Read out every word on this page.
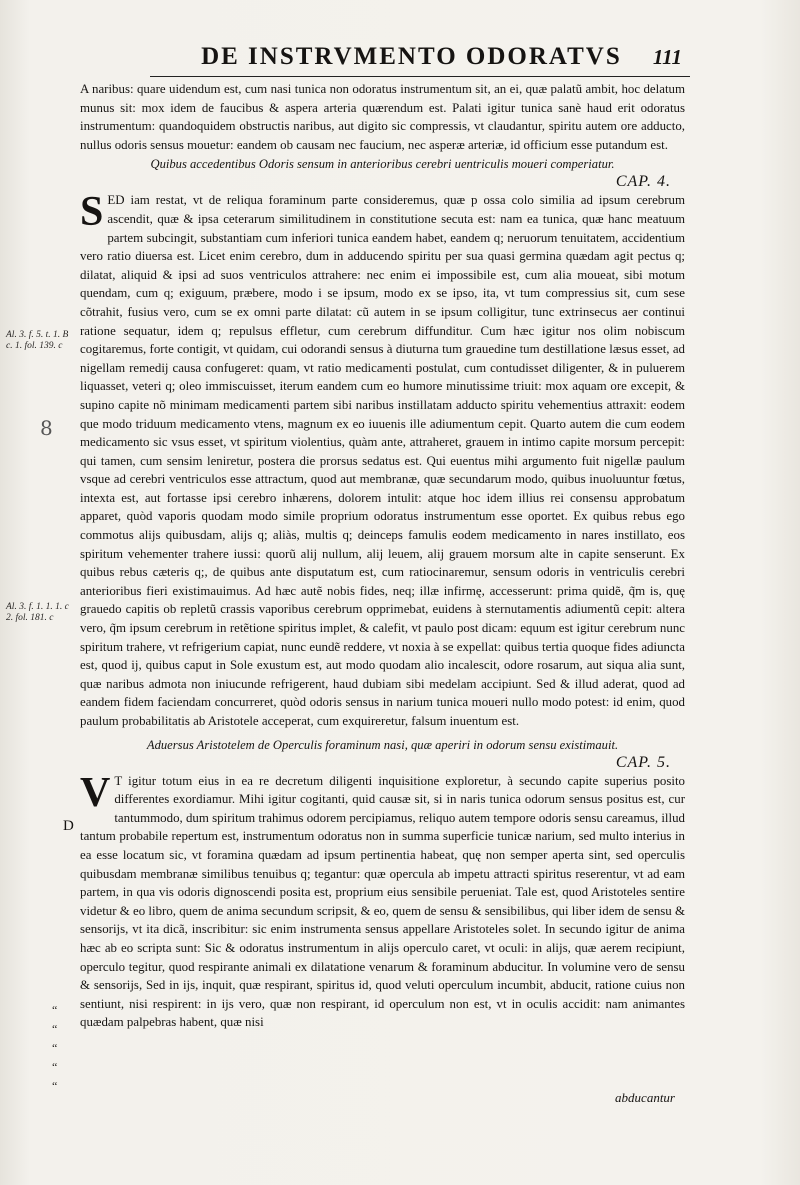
DE INSTRVMENTO ODORATVS 111
Al. 3. f. 5. t. 1. B c. 1. fol. 139. c
Al. 3. f. 1. 1. 1. c 2. fol. 181. c
D
8
“
“
“
“
“

A naribus: quare uidendum est, cum nasi tunica non odoratus instrumentum sit, an ei, quæ palatũ ambit, hoc delatum munus sit: mox idem de faucibus & aspera arteria quærendum est. Palati igitur tunica sanè haud erit odoratus instrumentum: quandoquidem obstructis naribus, aut digito sic compressis, vt claudantur, spiritu autem ore adducto, nullus odoris sensus mouetur: eandem ob causam nec faucium, nec asperæ arteriæ, id officium esse putandum est.

Quibus accedentibus Odoris sensum in anterioribus cerebri uentriculis moueri comperiatur.
CAP. 4.

SED iam restat, vt de reliqua foraminum parte consideremus, quæ p ossa colo similia ad ipsum cerebrum ascendit, quæ & ipsa ceterarum similitudinem in constitutione secuta est: nam ea tunica, quæ hanc meatuum partem subcingit, substantiam cum inferiori tunica eandem habet, eandem q; neruorum tenuitatem, accidentium vero ratio diuersa est. Licet enim cerebro, dum in adducendo spiritu per sua quasi germina quædam agit pectus q; dilatat, aliquid & ipsi ad suos ventriculos attrahere: nec enim ei impossibile est, cum alia moueat, sibi motum quendam, cum q; exiguum, præbere, modo i se ipsum, modo ex se ipso, ita, vt tum compressius sit, cum sese cõtrahit, fusius vero, cum se ex omni parte dilatat: cũ autem in se ipsum colligitur, tunc extrinsecus aer continui ratione sequatur, idem q; repulsus effletur, cum cerebrum diffunditur. Cum hæc igitur nos olim nobiscum cogitaremus, forte contigit, vt quidam, cui odorandi sensus à diuturna tum grauedine tum destillatione læsus esset, ad nigellam remedij causa confugeret: quam, vt ratio medicamenti postulat, cum contudisset diligenter, & in puluerem liquasset, veteri q; oleo immiscuisset, iterum eandem cum eo humore minutissime triuit: mox aquam ore excepit, & supino capite nõ minimam medicamenti partem sibi naribus instillatam adducto spiritu vehementius attraxit: eodem que modo triduum medicamento vtens, magnum ex eo iuuenis ille adiumentum cepit. Quarto autem die cum eodem medicamento sic vsus esset, vt spiritum violentius, quàm ante, attraheret, grauem in intimo capite morsum percepit: qui tamen, cum sensim leniretur, postera die prorsus sedatus est. Qui euentus mihi argumento fuit nigellæ paulum vsque ad cerebri ventriculos esse attractum, quod aut membranæ, quæ secundarum modo, quibus inuoluuntur fœtus, intexta est, aut fortasse ipsi cerebro inhærens, dolorem intulit: atque hoc idem illius rei consensu approbatum apparet, quòd vaporis quodam modo simile proprium odoratus instrumentum esse oportet. Ex quibus rebus ego commotus alijs quibusdam, alijs q; aliàs, multis q; deinceps famulis eodem medicamento in nares instillato, eos spiritum vehementer trahere iussi: quorũ alij nullum, alij leuem, alij grauem morsum alte in capite senserunt. Ex quibus rebus cæteris q;, de quibus ante disputatum est, cum ratiocinaremur, sensum odoris in ventriculis cerebri anterioribus fieri existimauimus. Ad hæc autẽ nobis fides, neq; illæ infirmę, accesserunt: prima quidẽ, q̃m is, quę grauedo capitis ob repletũ crassis vaporibus cerebrum opprimebat, euidens à sternutamentis adiumentũ cepit: altera vero, q̃m ipsum cerebrum in retẽtione spiritus implet, & calefit, vt paulo post dicam: equum est igitur cerebrum nunc spiritum trahere, vt refrigerium capiat, nunc eundẽ reddere, vt noxia à se expellat: quibus tertia quoque fides adiuncta est, quod ij, quibus caput in Sole exustum est, aut modo quodam alio incalescit, odore rosarum, aut siqua alia sunt, quæ naribus admota non iniucunde refrigerent, haud dubiam sibi medelam accipiunt. Sed & illud aderat, quod ad eandem fidem faciendam concurreret, quòd odoris sensus in narium tunica moueri nullo modo potest: id enim, quod paulum probabilitatis ab Aristotele acceperat, cum exquireretur, falsum inuentum est.

Aduersus Aristotelem de Operculis foraminum nasi, quæ aperiri in odorum sensu existimauit.
CAP. 5.

V T igitur totum eius in ea re decretum diligenti inquisitione exploretur, à secundo capite superius posito differentes exordiamur. Mihi igitur cogitanti, quid causæ sit, si in naris tunica odorum sensus positus est, cur tantummodo, dum spiritum trahimus odorem percipiamus, reliquo autem tempore odoris sensu careamus, illud tantum probabile repertum est, instrumentum odoratus non in summa superficie tunicæ narium, sed multo interius in ea esse locatum sic, vt foramina quædam ad ipsum pertinentia habeat, quę non semper aperta sint, sed operculis quibusdam membranæ similibus tenuibus q; tegantur: quæ opercula ab impetu attracti spiritus reserentur, vt ad eam partem, in qua vis odoris dignoscendi posita est, proprium eius sensibile perueniat. Tale est, quod Aristoteles sentire videtur & eo libro, quem de anima secundum scripsit, & eo, quem de sensu & sensibilibus, qui liber idem de sensu & sensorijs, vt ita dicã, inscribitur: sic enim instrumenta sensus appellare Aristoteles solet. In secundo igitur de anima hæc ab eo scripta sunt: Sic & odoratus instrumentum in alijs operculo caret, vt oculi: in alijs, quæ aerem recipiunt, operculo tegitur, quod respirante animali ex dilatatione venarum & foraminum abducitur. In volumine vero de sensu & sensorijs, Sed in ijs, inquit, quæ respirant, spiritus id, quod veluti operculum incumbit, abducit, ratione cuius non sentiunt, nisi respirent: in ijs vero, quæ non respirant, id operculum non est, vt in oculis accidit: nam animantes quædam palpebras habent, quæ nisi

abducantur
